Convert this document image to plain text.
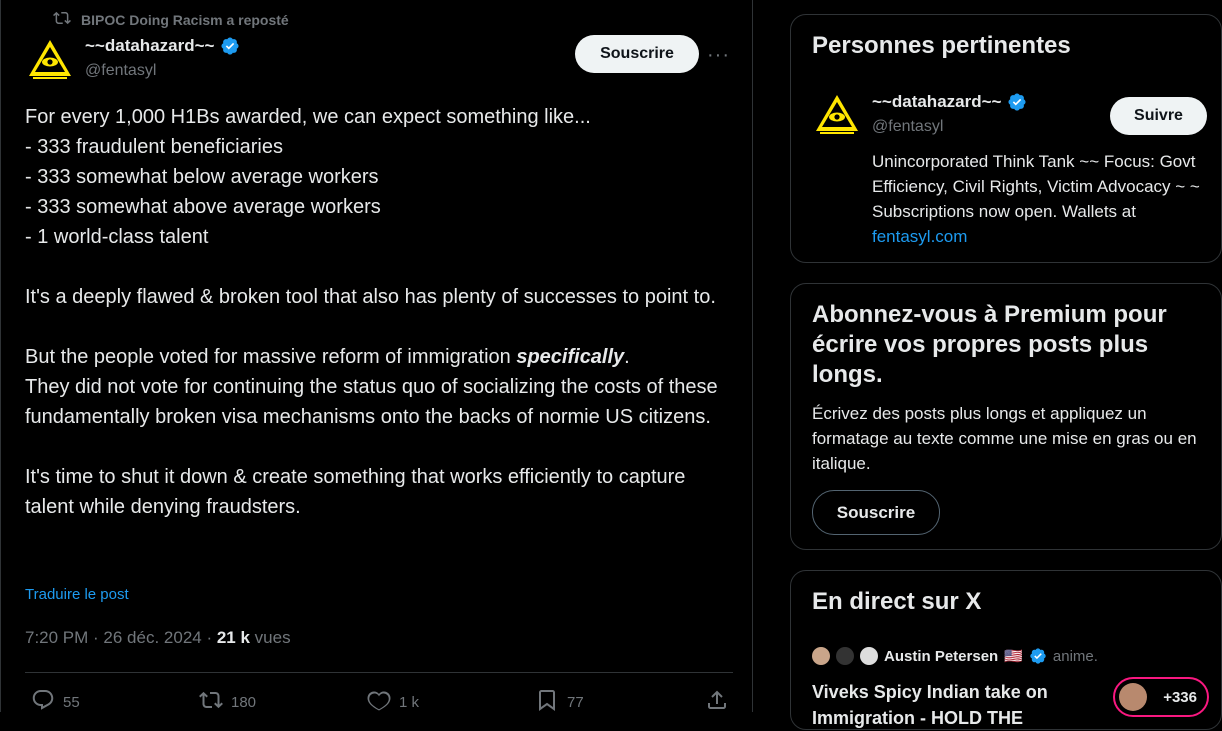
BIPOC Doing Racism a reposté
~~datahazard~~
@fentasyl
Souscrire	···

For every 1,000 H1Bs awarded, we can expect something like...
- 333 fraudulent beneficiaries
- 333 somewhat below average workers
- 333 somewhat above average workers
- 1 world-class talent

It's a deeply flawed & broken tool that also has plenty of successes to point to.

But the people voted for massive reform of immigration specifically.

They did not vote for continuing the status quo of socializing the costs of these fundamentally broken visa mechanisms onto the backs of normie US citizens.

It's time to shut it down & create something that works efficiently to capture talent while denying fraudsters.

Traduire le post
7:20 PM · 26 déc. 2024 · 21 k vues
55	180	1 k	77
Personnes pertinentes
~~datahazard~~
@fentasyl
Suivre
Unincorporated Think Tank ~~ Focus: Govt Efficiency, Civil Rights, Victim Advocacy ~ ~ Subscriptions now open. Wallets at fentasyl.com
Abonnez-vous à Premium pour écrire vos propres posts plus longs.
Écrivez des posts plus longs et appliquez un formatage au texte comme une mise en gras ou en italique.
Souscrire
En direct sur X
Austin Petersen 🇺🇸 anime.
Viveks Spicy Indian take on Immigration - HOLD THE
+336
